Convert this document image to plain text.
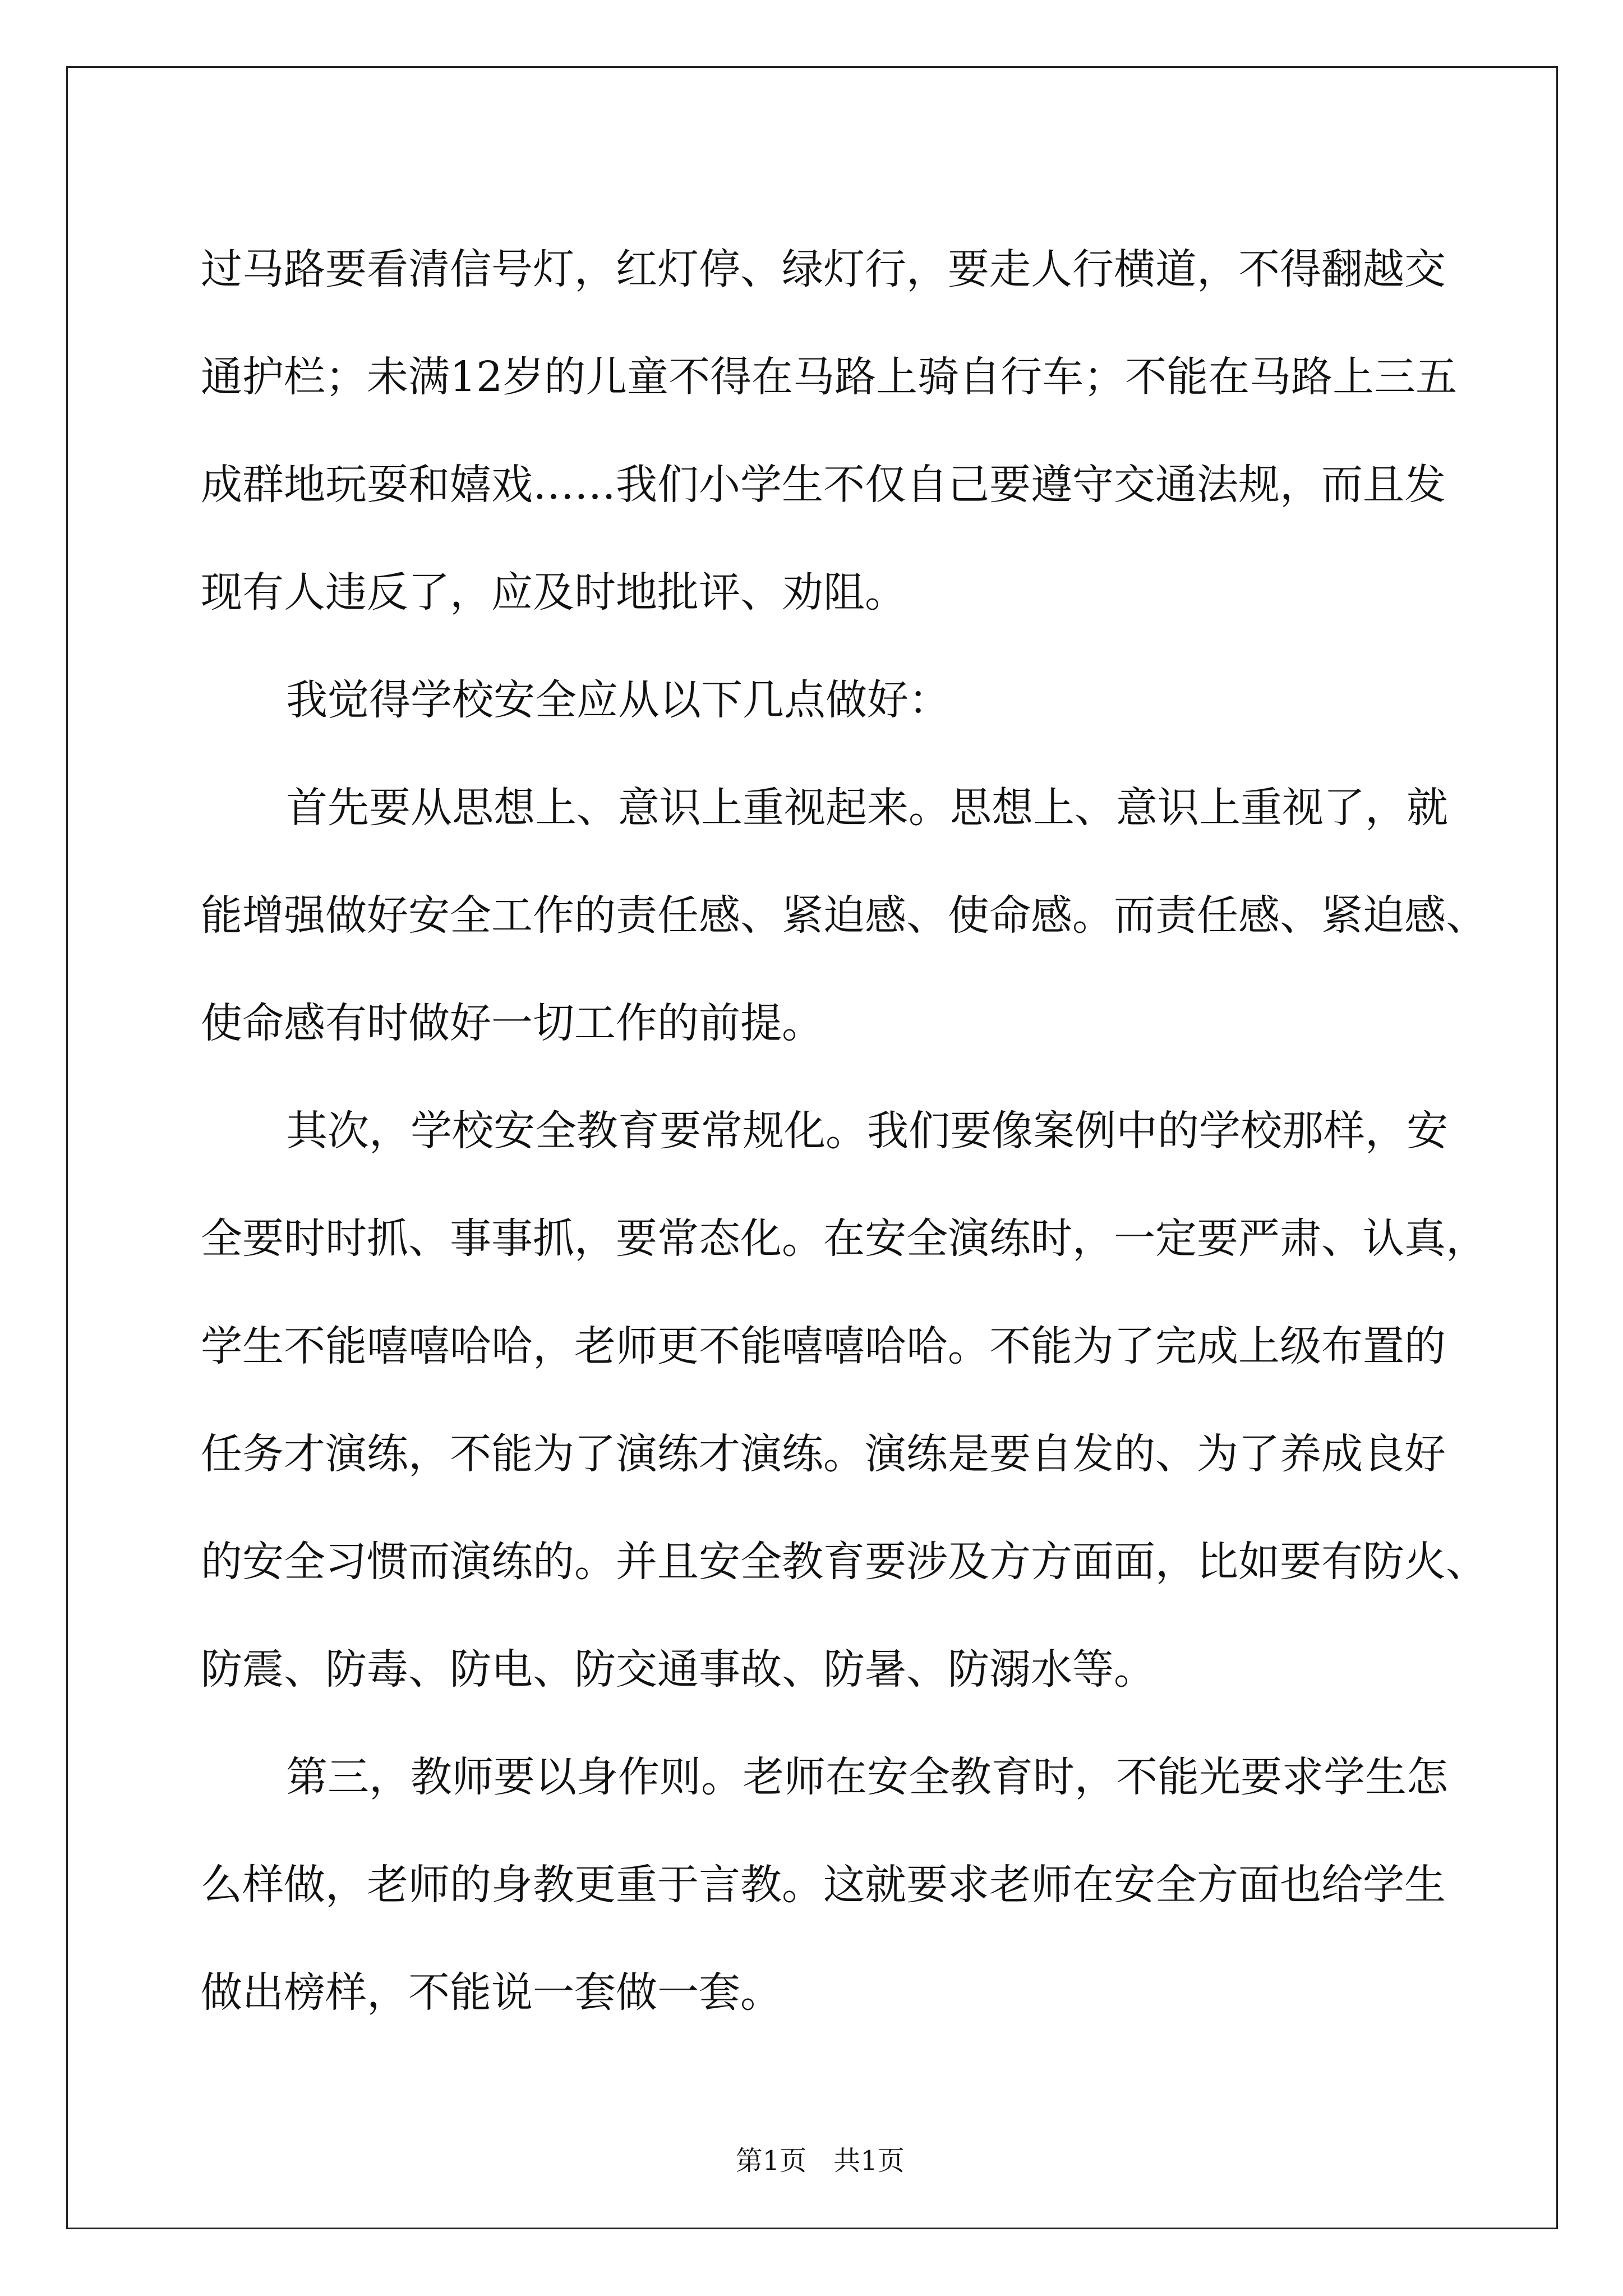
过马路要看清信号灯，红灯停、绿灯行，要走人行横道，不得翻越交
通护栏；未满12岁的儿童不得在马路上骑自行车；不能在马路上三五
成群地玩耍和嬉戏……我们小学生不仅自己要遵守交通法规，而且发
现有人违反了，应及时地批评、劝阻。
我觉得学校安全应从以下几点做好：
首先要从思想上、意识上重视起来。思想上、意识上重视了，就
能增强做好安全工作的责任感、紧迫感、使命感。而责任感、紧迫感、
使命感有时做好一切工作的前提。
其次，学校安全教育要常规化。我们要像案例中的学校那样，安
全要时时抓、事事抓，要常态化。在安全演练时，一定要严肃、认真，
学生不能嘻嘻哈哈，老师更不能嘻嘻哈哈。不能为了完成上级布置的
任务才演练，不能为了演练才演练。演练是要自发的、为了养成良好
的安全习惯而演练的。并且安全教育要涉及方方面面，比如要有防火、
防震、防毒、防电、防交通事故、防暑、防溺水等。
第三，教师要以身作则。老师在安全教育时，不能光要求学生怎
么样做，老师的身教更重于言教。这就要求老师在安全方面也给学生
做出榜样，不能说一套做一套。

第1页　共1页
